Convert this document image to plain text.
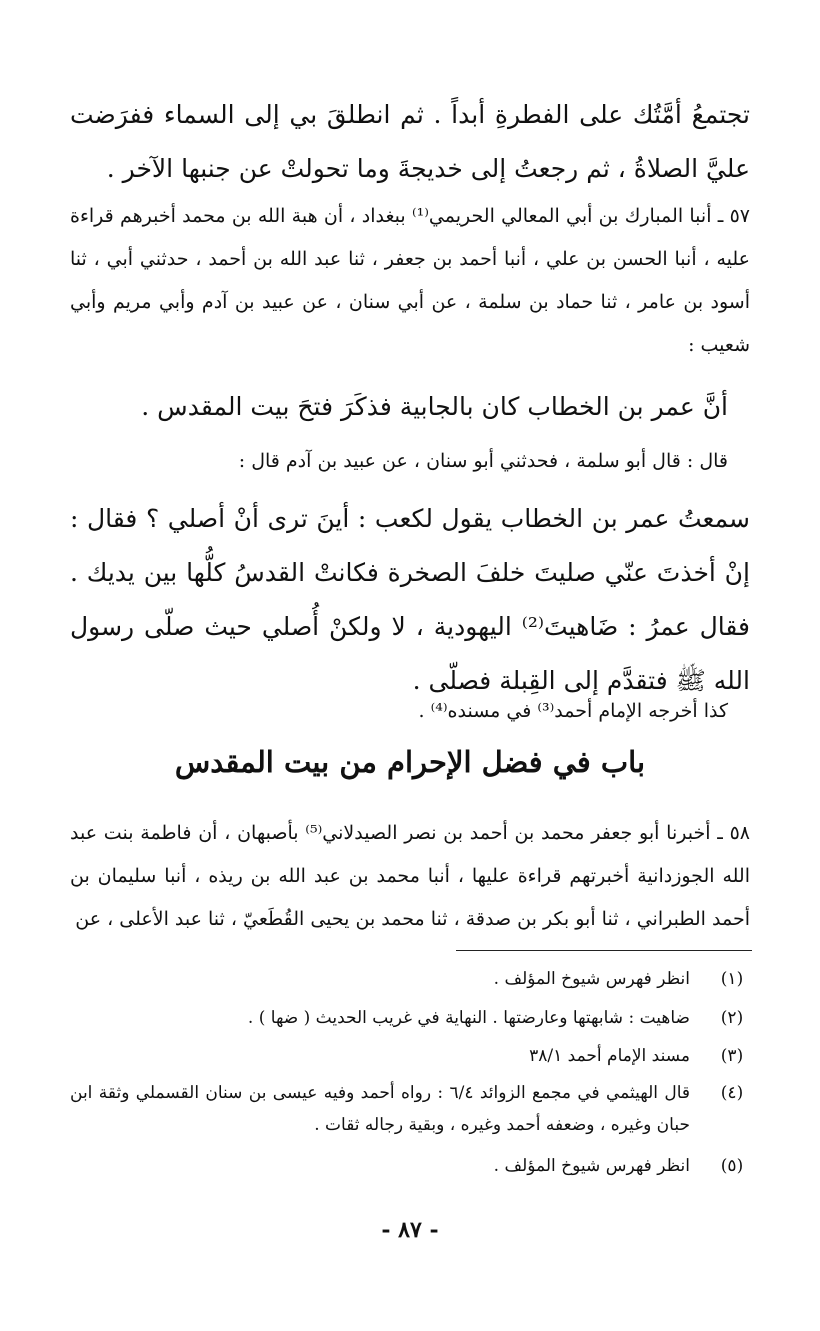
تجتمعُ أمَّتُك على الفطرةِ أبداً . ثم انطلقَ بي إلى السماء ففرَضت عليَّ الصلاةُ ، ثم رجعتُ إلى خديجةَ وما تحولتْ عن جنبها الآخر .

٥٧ ـ أنبا المبارك بن أبي المعالي الحريمي⁽¹⁾ ببغداد ، أن هبة الله بن محمد أخبرهم قراءة عليه ، أنبا الحسن بن علي ، أنبا أحمد بن جعفر ، ثنا عبد الله بن أحمد ، حدثني أبي ، ثنا أسود بن عامر ، ثنا حماد بن سلمة ، عن أبي سنان ، عن عبيد بن آدم وأبي مريم وأبي شعيب :

أنَّ عمر بن الخطاب كان بالجابية فذكَرَ فتحَ بيت المقدس .

قال : قال أبو سلمة ، فحدثني أبو سنان ، عن عبيد بن آدم قال :

سمعتُ عمر بن الخطاب يقول لكعب : أينَ ترى أنْ أصلي ؟ فقال : إنْ أخذتَ عنّي صليتَ خلفَ الصخرة فكانتْ القدسُ كلُّها بين يديك . فقال عمرُ : ضَاهيتَ⁽²⁾ اليهودية ، لا ولكنْ أُصلي حيث صلّى رسول الله ﷺ فتقدَّم إلى القِبلة فصلّى .

كذا أخرجه الإمام أحمد⁽³⁾ في مسنده⁽⁴⁾ .

باب في فضل الإحرام من بيت المقدس

٥٨ ـ أخبرنا أبو جعفر محمد بن أحمد بن نصر الصيدلاني⁽⁵⁾ بأصبهان ، أن فاطمة بنت عبد الله الجوزدانية أخبرتهم قراءة عليها ، أنبا محمد بن عبد الله بن ريذه ، أنبا سليمان بن أحمد الطبراني ، ثنا أبو بكر بن صدقة ، ثنا محمد بن يحيى القُطَعيّ ، ثنا عبد الأعلى ، عن

(١)
انظر فهرس شيوخ المؤلف .
(٢)
ضاهيت : شابهتها وعارضتها . النهاية في غريب الحديث ( ضها ) .
(٣)
مسند الإمام أحمد ٣٨/١
(٤)
قال الهيثمي في مجمع الزوائد ٦/٤ : رواه أحمد وفيه عيسى بن سنان القسملي وثقة ابن حبان وغيره ، وضعفه أحمد وغيره ، وبقية رجاله ثقات .
(٥)
انظر فهرس شيوخ المؤلف .
- ٨٧ -
